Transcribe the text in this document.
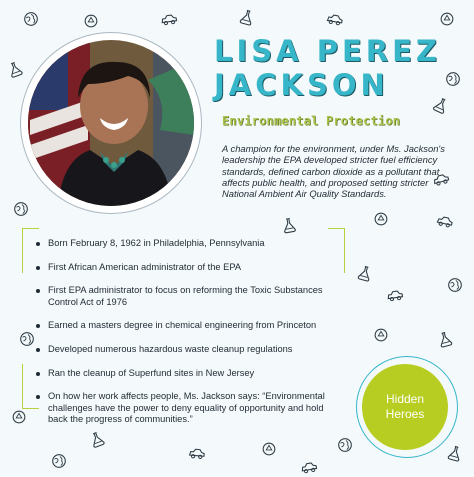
LISA PEREZ
JACKSON
Environmental Protection
A champion for the environment, under Ms. Jackson's leadership the EPA developed stricter fuel efficiency standards, defined carbon dioxide as a pollutant that affects public health, and proposed setting stricter National Ambient Air Quality Standards.
Born February 8, 1962 in Philadelphia, Pennsylvania
First African American administrator of the EPA
First EPA administrator to focus on reforming the Toxic Substances Control Act of 1976
Earned a masters degree in chemical engineering from Princeton
Developed numerous hazardous waste cleanup regulations
Ran the cleanup of Superfund sites in New Jersey
On how her work affects people, Ms. Jackson says: “Environmental challenges have the power to deny equality of opportunity and hold back the progress of communities.”
Hidden
Heroes
